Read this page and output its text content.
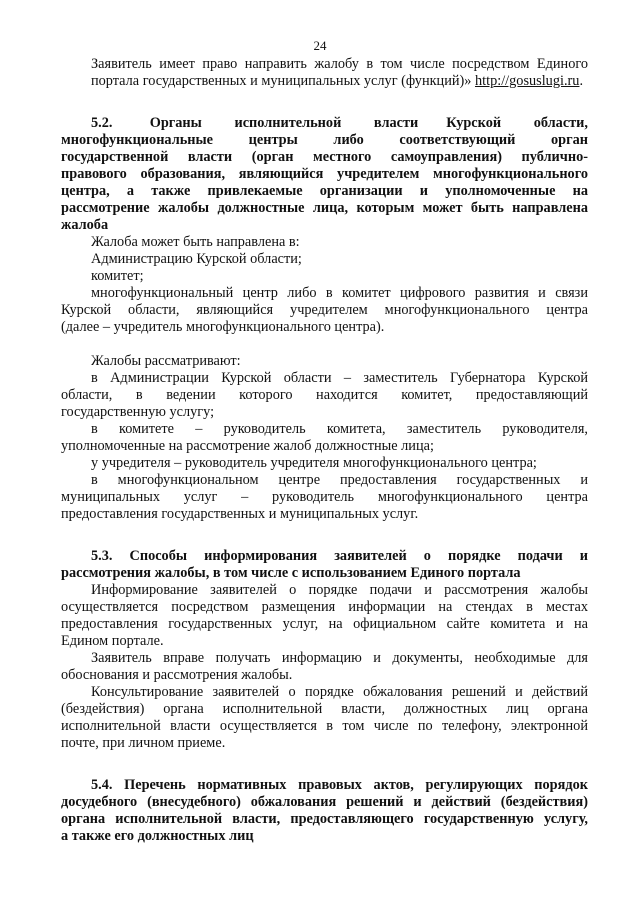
24

Заявитель имеет право направить жалобу в том числе посредством Единого
портала государственных и муниципальных услуг (функций)» http://gosuslugi.ru.

5.2.        Органы       исполнительной       власти      Курской       области,
многофункциональные центры либо соответствующий орган
государственной власти (орган местного самоуправления) публично-
правового образования, являющийся учредителем многофункционального
центра, а также привлекаемые организации и уполномоченные на
рассмотрение жалобы должностные лица, которым может быть направлена
жалоба

Жалоба может быть направлена в:

Администрацию Курской области;

комитет;

многофункциональный центр либо в комитет цифрового развития и связи
Курской области, являющийся учредителем многофункционального центра
(далее – учредитель многофункционального центра).

Жалобы рассматривают:

в Администрации Курской области – заместитель Губернатора Курской
области, в ведении которого находится комитет, предоставляющий
государственную услугу;

в комитете – руководитель комитета, заместитель руководителя,
уполномоченные на рассмотрение жалоб должностные лица;

у учредителя – руководитель учредителя многофункционального центра;

в многофункциональном центре предоставления государственных и
муниципальных услуг – руководитель многофункционального центра
предоставления государственных и муниципальных услуг.

5.3. Способы информирования заявителей о порядке подачи и
рассмотрения жалобы, в том числе с использованием Единого портала

Информирование заявителей о порядке подачи и рассмотрения жалобы
осуществляется посредством размещения информации на стендах в местах
предоставления государственных услуг, на официальном сайте комитета и на
Едином портале.

Заявитель вправе получать информацию и документы, необходимые для
обоснования и рассмотрения жалобы.

Консультирование заявителей о порядке обжалования решений и действий
(бездействия) органа исполнительной власти, должностных лиц органа
исполнительной власти осуществляется в том числе по телефону, электронной
почте, при личном приеме.

5.4. Перечень нормативных правовых актов, регулирующих порядок
досудебного (внесудебного) обжалования решений и действий (бездействия)
органа исполнительной власти, предоставляющего государственную услугу,
а также его должностных лиц
